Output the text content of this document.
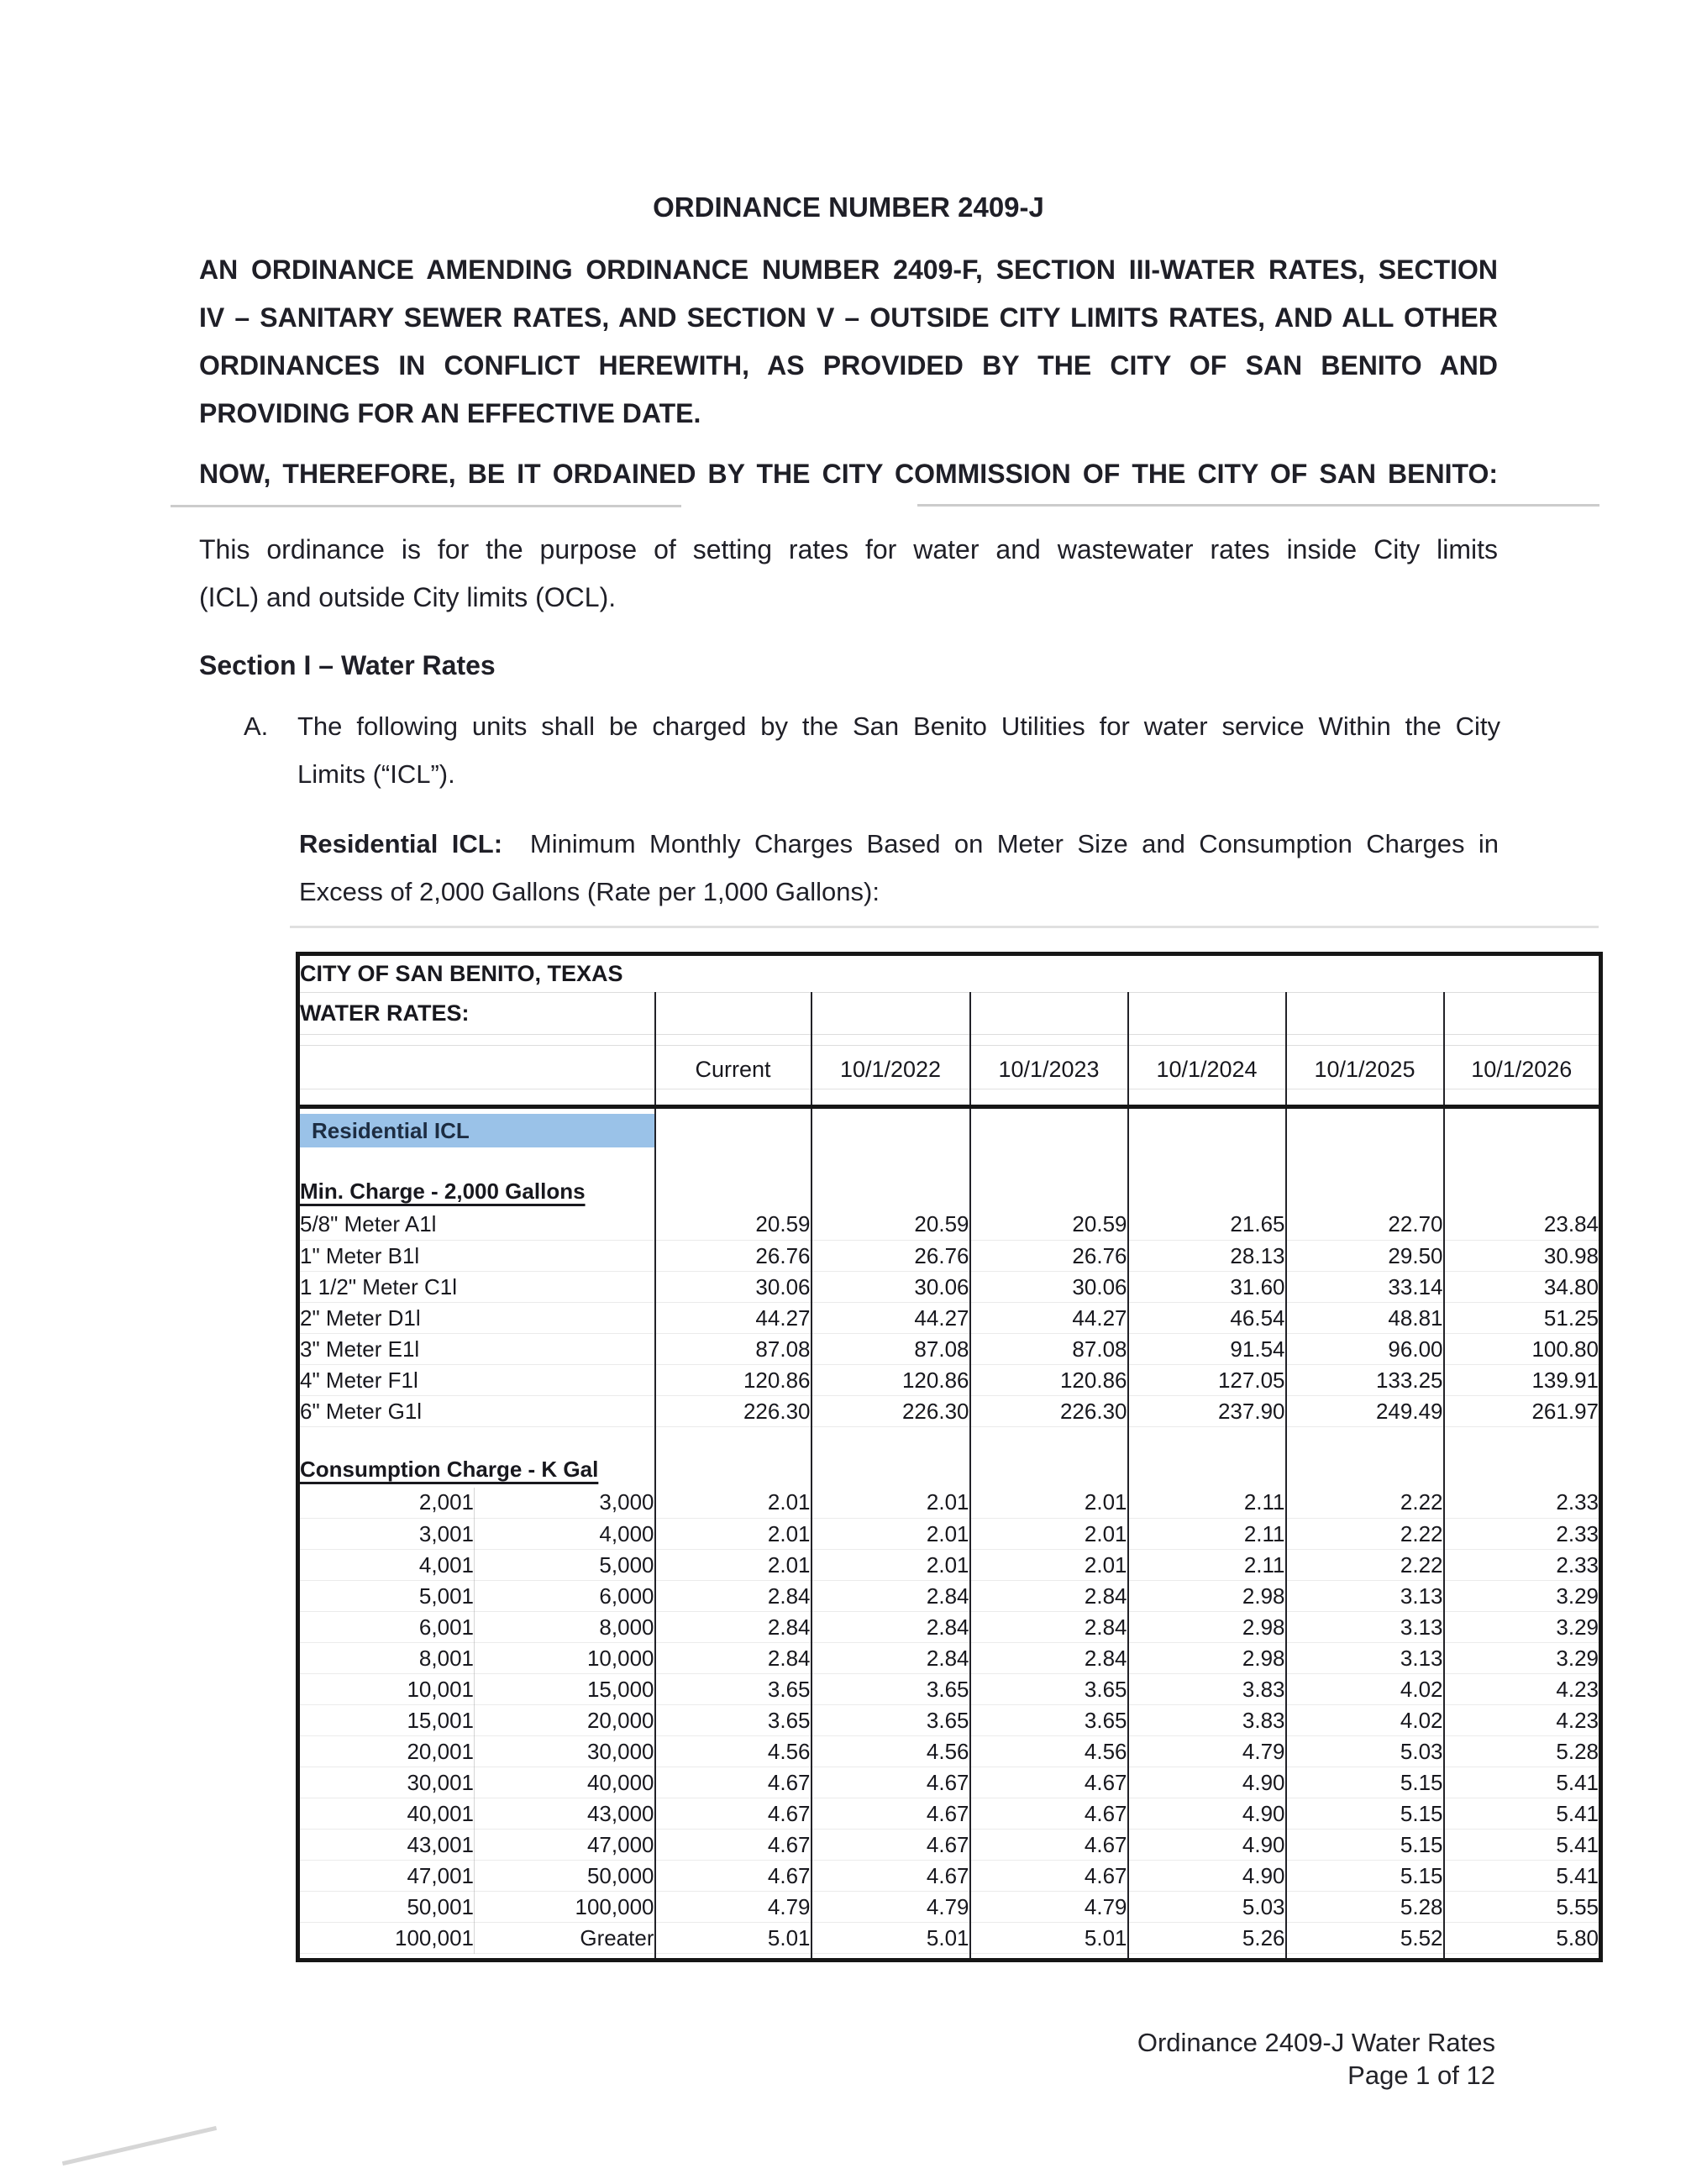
ORDINANCE NUMBER 2409-J
AN ORDINANCE AMENDING ORDINANCE NUMBER 2409-F, SECTION III-WATER RATES, SECTION
IV – SANITARY SEWER RATES, AND SECTION V – OUTSIDE CITY LIMITS RATES, AND ALL OTHER
ORDINANCES IN CONFLICT HEREWITH, AS PROVIDED BY THE CITY OF SAN BENITO AND
PROVIDING FOR AN EFFECTIVE DATE.
NOW, THEREFORE, BE IT ORDAINED BY THE CITY COMMISSION OF THE CITY OF SAN BENITO:
This ordinance is for the purpose of setting rates for water and wastewater rates inside City limits
(ICL) and outside City limits (OCL).
Section I – Water Rates
A.	The following units shall be charged by the San Benito Utilities for water service Within the City
Limits (“ICL”).
Residential ICL:  Minimum Monthly Charges Based on Meter Size and Consumption Charges in
Excess of 2,000 Gallons (Rate per 1,000 Gallons):
CITY OF SAN BENITO, TEXAS							
WATER RATES:							
		Current	10/1/2022	10/1/2023	10/1/2024	10/1/2025	10/1/2026

Residential ICL							

Min. Charge - 2,000 Gallons							
5/8" Meter A1l		20.59	20.59	20.59	21.65	22.70	23.84
1" Meter B1l		26.76	26.76	26.76	28.13	29.50	30.98
1 1/2" Meter C1l		30.06	30.06	30.06	31.60	33.14	34.80
2" Meter D1l		44.27	44.27	44.27	46.54	48.81	51.25
3" Meter E1l		87.08	87.08	87.08	91.54	96.00	100.80
4" Meter F1l		120.86	120.86	120.86	127.05	133.25	139.91
6" Meter G1l		226.30	226.30	226.30	237.90	249.49	261.97

Consumption Charge - K Gal							
2,001	3,000	2.01	2.01	2.01	2.11	2.22	2.33
3,001	4,000	2.01	2.01	2.01	2.11	2.22	2.33
4,001	5,000	2.01	2.01	2.01	2.11	2.22	2.33
5,001	6,000	2.84	2.84	2.84	2.98	3.13	3.29
6,001	8,000	2.84	2.84	2.84	2.98	3.13	3.29
8,001	10,000	2.84	2.84	2.84	2.98	3.13	3.29
10,001	15,000	3.65	3.65	3.65	3.83	4.02	4.23
15,001	20,000	3.65	3.65	3.65	3.83	4.02	4.23
20,001	30,000	4.56	4.56	4.56	4.79	5.03	5.28
30,001	40,000	4.67	4.67	4.67	4.90	5.15	5.41
40,001	43,000	4.67	4.67	4.67	4.90	5.15	5.41
43,001	47,000	4.67	4.67	4.67	4.90	5.15	5.41
47,001	50,000	4.67	4.67	4.67	4.90	5.15	5.41
50,001	100,000	4.79	4.79	4.79	5.03	5.28	5.55
100,001	Greater	5.01	5.01	5.01	5.26	5.52	5.80

Ordinance 2409-J Water Rates
Page 1 of 12
